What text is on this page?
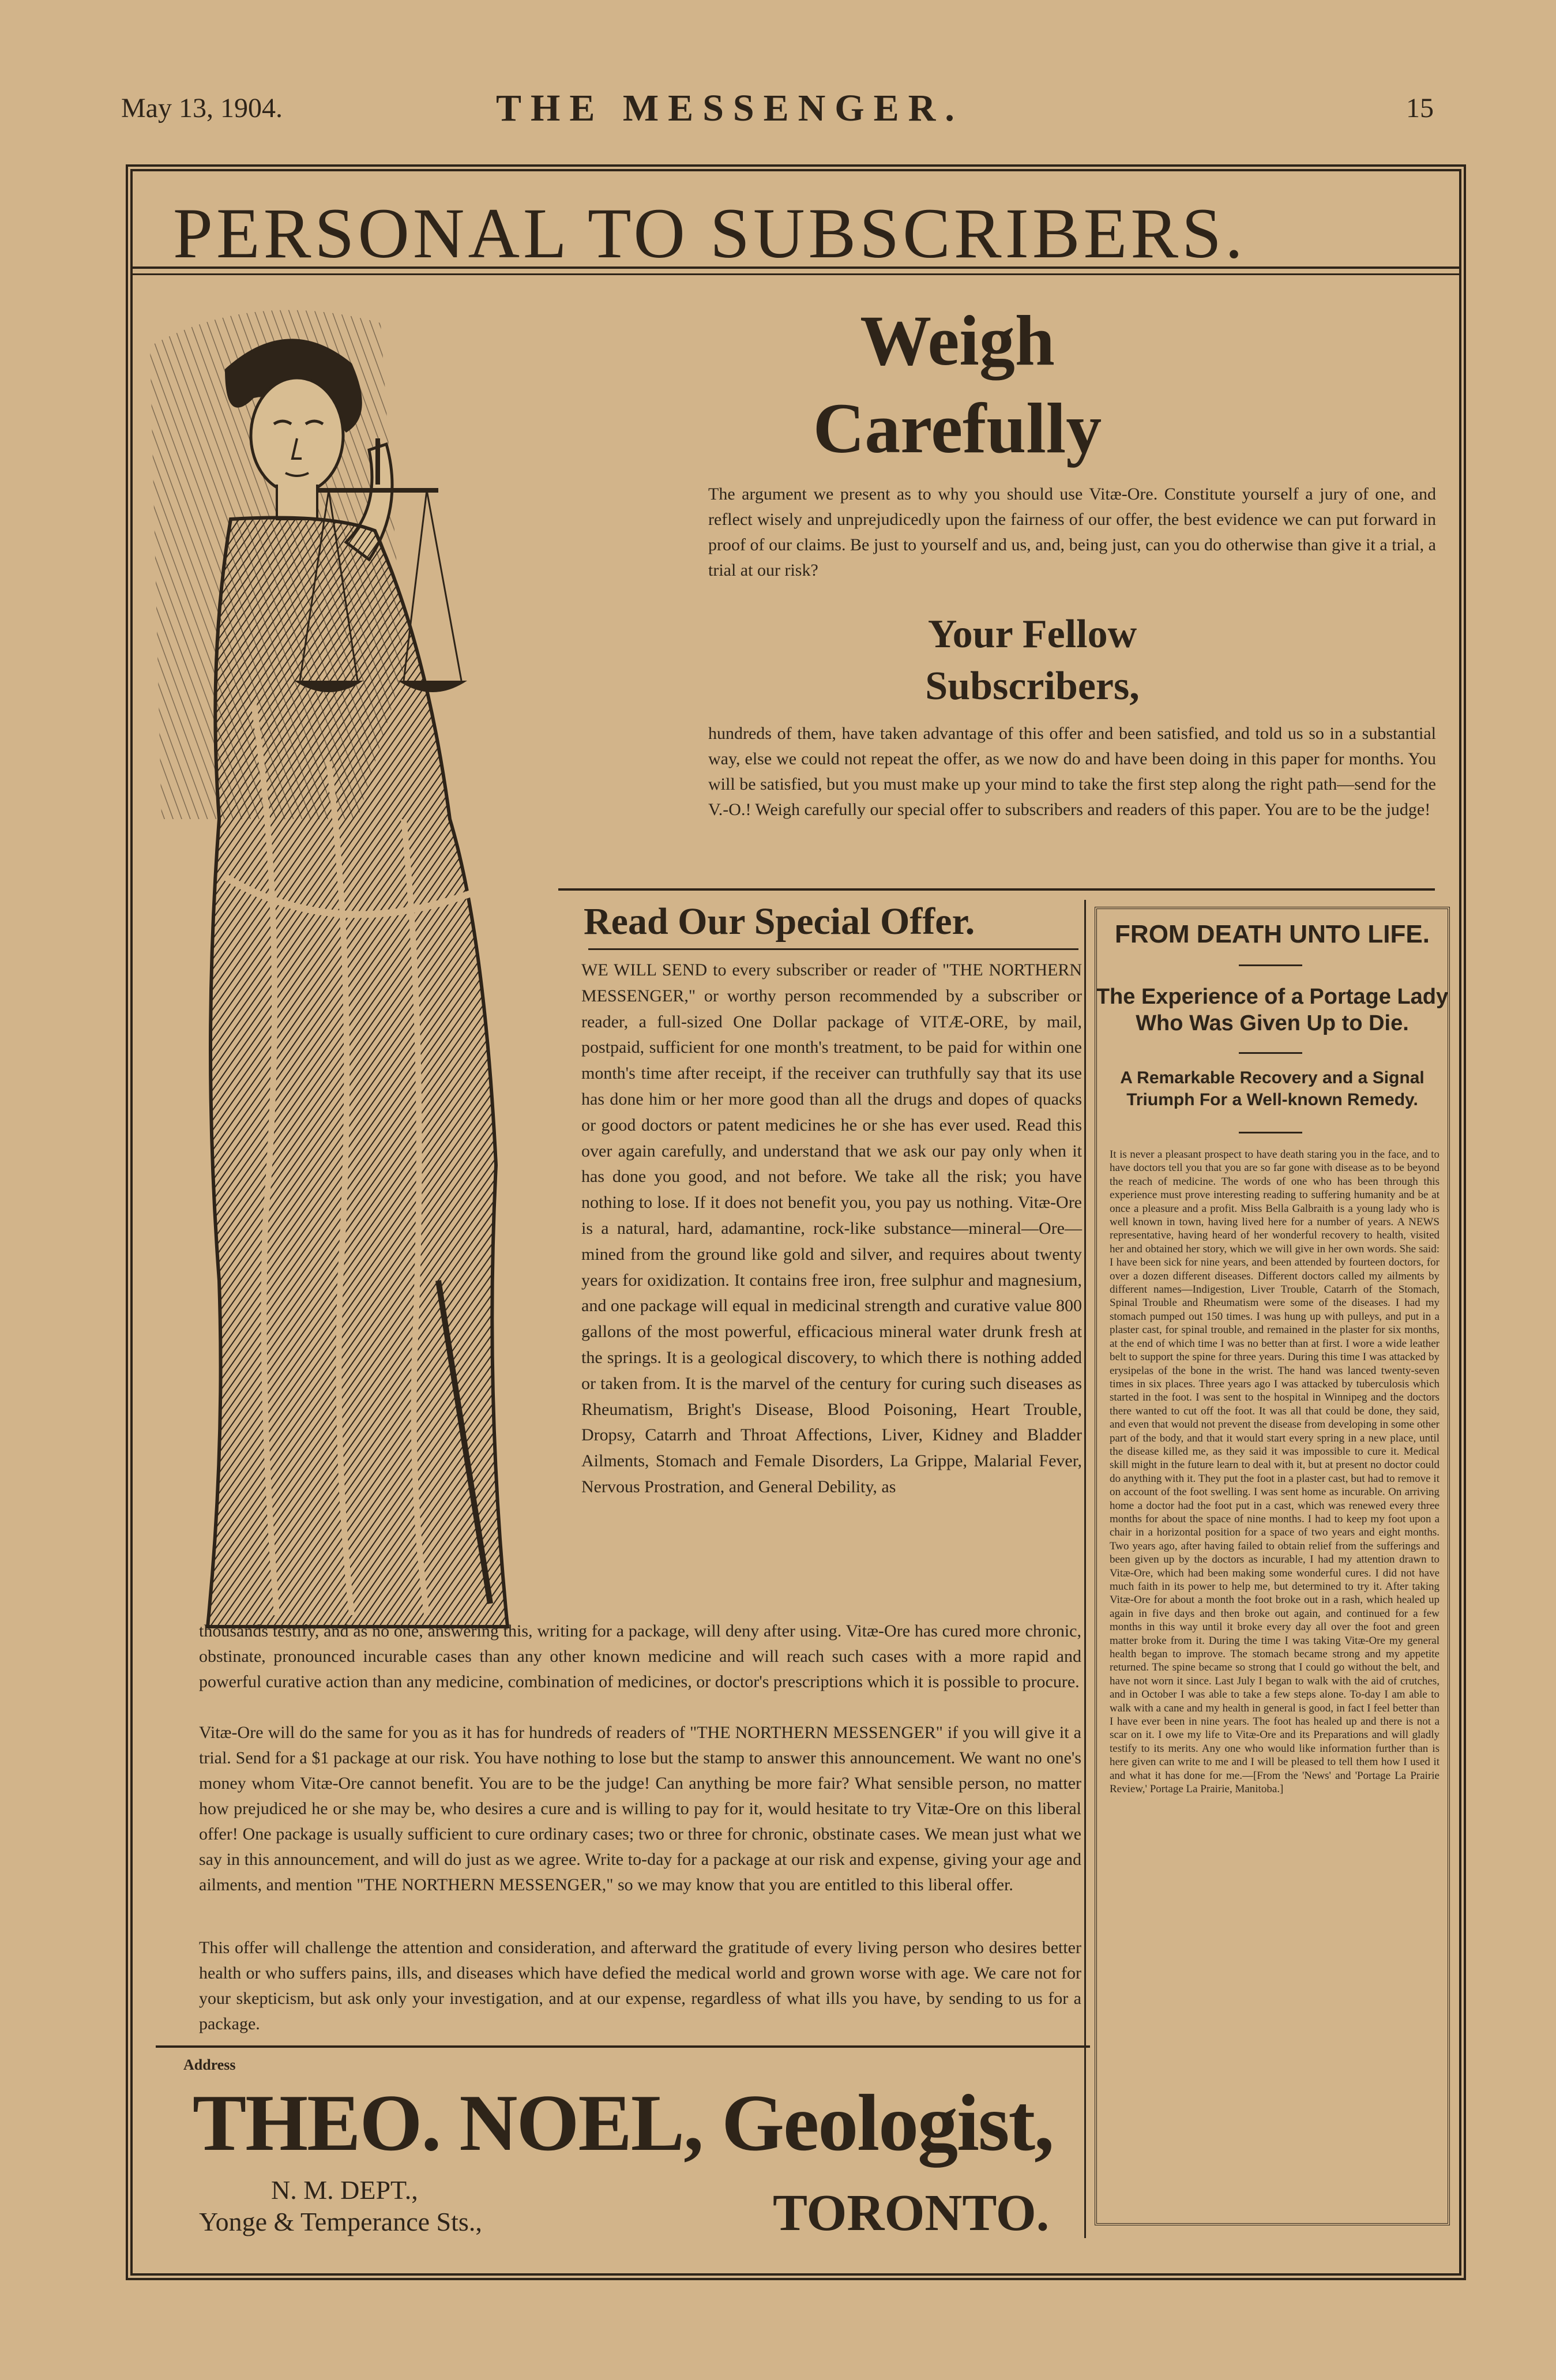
May 13, 1904.	THE MESSENGER.	15
PERSONAL TO SUBSCRIBERS.
Weigh
Carefully
The argument we present as to why you should use Vitæ-Ore. Constitute yourself a jury of one, and reflect wisely and unprejudicedly upon the fairness of our offer, the best evidence we can put forward in proof of our claims. Be just to yourself and us, and, being just, can you do otherwise than give it a trial, a trial at our risk?
Your Fellow
Subscribers,
hundreds of them, have taken advantage of this offer and been satisfied, and told us so in a substantial way, else we could not repeat the offer, as we now do and have been doing in this paper for months. You will be satisfied, but you must make up your mind to take the first step along the right path—send for the V.-O.! Weigh carefully our special offer to subscribers and readers of this paper. You are to be the judge!
Read Our Special Offer.
WE WILL SEND to every subscriber or reader of "THE NORTHERN MESSENGER," or worthy person recommended by a subscriber or reader, a full-sized One Dollar package of VITÆ-ORE, by mail, postpaid, sufficient for one month's treatment, to be paid for within one month's time after receipt, if the receiver can truthfully say that its use has done him or her more good than all the drugs and dopes of quacks or good doctors or patent medicines he or she has ever used. Read this over again carefully, and understand that we ask our pay only when it has done you good, and not before. We take all the risk; you have nothing to lose. If it does not benefit you, you pay us nothing. Vitæ-Ore is a natural, hard, adamantine, rock-like substance—mineral—Ore—mined from the ground like gold and silver, and requires about twenty years for oxidization. It contains free iron, free sulphur and magnesium, and one package will equal in medicinal strength and curative value 800 gallons of the most powerful, efficacious mineral water drunk fresh at the springs. It is a geological discovery, to which there is nothing added or taken from. It is the marvel of the century for curing such diseases as Rheumatism, Bright's Disease, Blood Poisoning, Heart Trouble, Dropsy, Catarrh and Throat Affections, Liver, Kidney and Bladder Ailments, Stomach and Female Disorders, La Grippe, Malarial Fever, Nervous Prostration, and General Debility, as
thousands testify, and as no one, answering this, writing for a package, will deny after using. Vitæ-Ore has cured more chronic, obstinate, pronounced incurable cases than any other known medicine and will reach such cases with a more rapid and powerful curative action than any medicine, combination of medicines, or doctor's prescriptions which it is possible to procure.
Vitæ-Ore will do the same for you as it has for hundreds of readers of "THE NORTHERN MESSENGER" if you will give it a trial. Send for a $1 package at our risk. You have nothing to lose but the stamp to answer this announcement. We want no one's money whom Vitæ-Ore cannot benefit. You are to be the judge! Can anything be more fair? What sensible person, no matter how prejudiced he or she may be, who desires a cure and is willing to pay for it, would hesitate to try Vitæ-Ore on this liberal offer! One package is usually sufficient to cure ordinary cases; two or three for chronic, obstinate cases. We mean just what we say in this announcement, and will do just as we agree. Write to-day for a package at our risk and expense, giving your age and ailments, and mention "THE NORTHERN MESSENGER," so we may know that you are entitled to this liberal offer.
This offer will challenge the attention and consideration, and afterward the gratitude of every living person who desires better health or who suffers pains, ills, and diseases which have defied the medical world and grown worse with age. We care not for your skepticism, but ask only your investigation, and at our expense, regardless of what ills you have, by sending to us for a package.
Address
THEO. NOEL, Geologist,
N. M. DEPT.,
Yonge & Temperance Sts.,	TORONTO.
FROM DEATH UNTO LIFE.
The Experience of a Portage Lady Who Was Given Up to Die.
A Remarkable Recovery and a Signal Triumph For a Well-known Remedy.
It is never a pleasant prospect to have death staring you in the face, and to have doctors tell you that you are so far gone with disease as to be beyond the reach of medicine. The words of one who has been through this experience must prove interesting reading to suffering humanity and be at once a pleasure and a profit. Miss Bella Galbraith is a young lady who is well known in town, having lived here for a number of years. A NEWS representative, having heard of her wonderful recovery to health, visited her and obtained her story, which we will give in her own words. She said: I have been sick for nine years, and been attended by fourteen doctors, for over a dozen different diseases. Different doctors called my ailments by different names—Indigestion, Liver Trouble, Catarrh of the Stomach, Spinal Trouble and Rheumatism were some of the diseases. I had my stomach pumped out 150 times. I was hung up with pulleys, and put in a plaster cast, for spinal trouble, and remained in the plaster for six months, at the end of which time I was no better than at first. I wore a wide leather belt to support the spine for three years. During this time I was attacked by erysipelas of the bone in the wrist. The hand was lanced twenty-seven times in six places. Three years ago I was attacked by tuberculosis which started in the foot. I was sent to the hospital in Winnipeg and the doctors there wanted to cut off the foot. It was all that could be done, they said, and even that would not prevent the disease from developing in some other part of the body, and that it would start every spring in a new place, until the disease killed me, as they said it was impossible to cure it. Medical skill might in the future learn to deal with it, but at present no doctor could do anything with it. They put the foot in a plaster cast, but had to remove it on account of the foot swelling. I was sent home as incurable. On arriving home a doctor had the foot put in a cast, which was renewed every three months for about the space of nine months. I had to keep my foot upon a chair in a horizontal position for a space of two years and eight months. Two years ago, after having failed to obtain relief from the sufferings and been given up by the doctors as incurable, I had my attention drawn to Vitæ-Ore, which had been making some wonderful cures. I did not have much faith in its power to help me, but determined to try it. After taking Vitæ-Ore for about a month the foot broke out in a rash, which healed up again in five days and then broke out again, and continued for a few months in this way until it broke every day all over the foot and green matter broke from it. During the time I was taking Vitæ-Ore my general health began to improve. The stomach became strong and my appetite returned. The spine became so strong that I could go without the belt, and have not worn it since. Last July I began to walk with the aid of crutches, and in October I was able to take a few steps alone. To-day I am able to walk with a cane and my health in general is good, in fact I feel better than I have ever been in nine years. The foot has healed up and there is not a scar on it. I owe my life to Vitæ-Ore and its Preparations and will gladly testify to its merits. Any one who would like information further than is here given can write to me and I will be pleased to tell them how I used it and what it has done for me.—[From the 'News' and 'Portage La Prairie Review,' Portage La Prairie, Manitoba.]
